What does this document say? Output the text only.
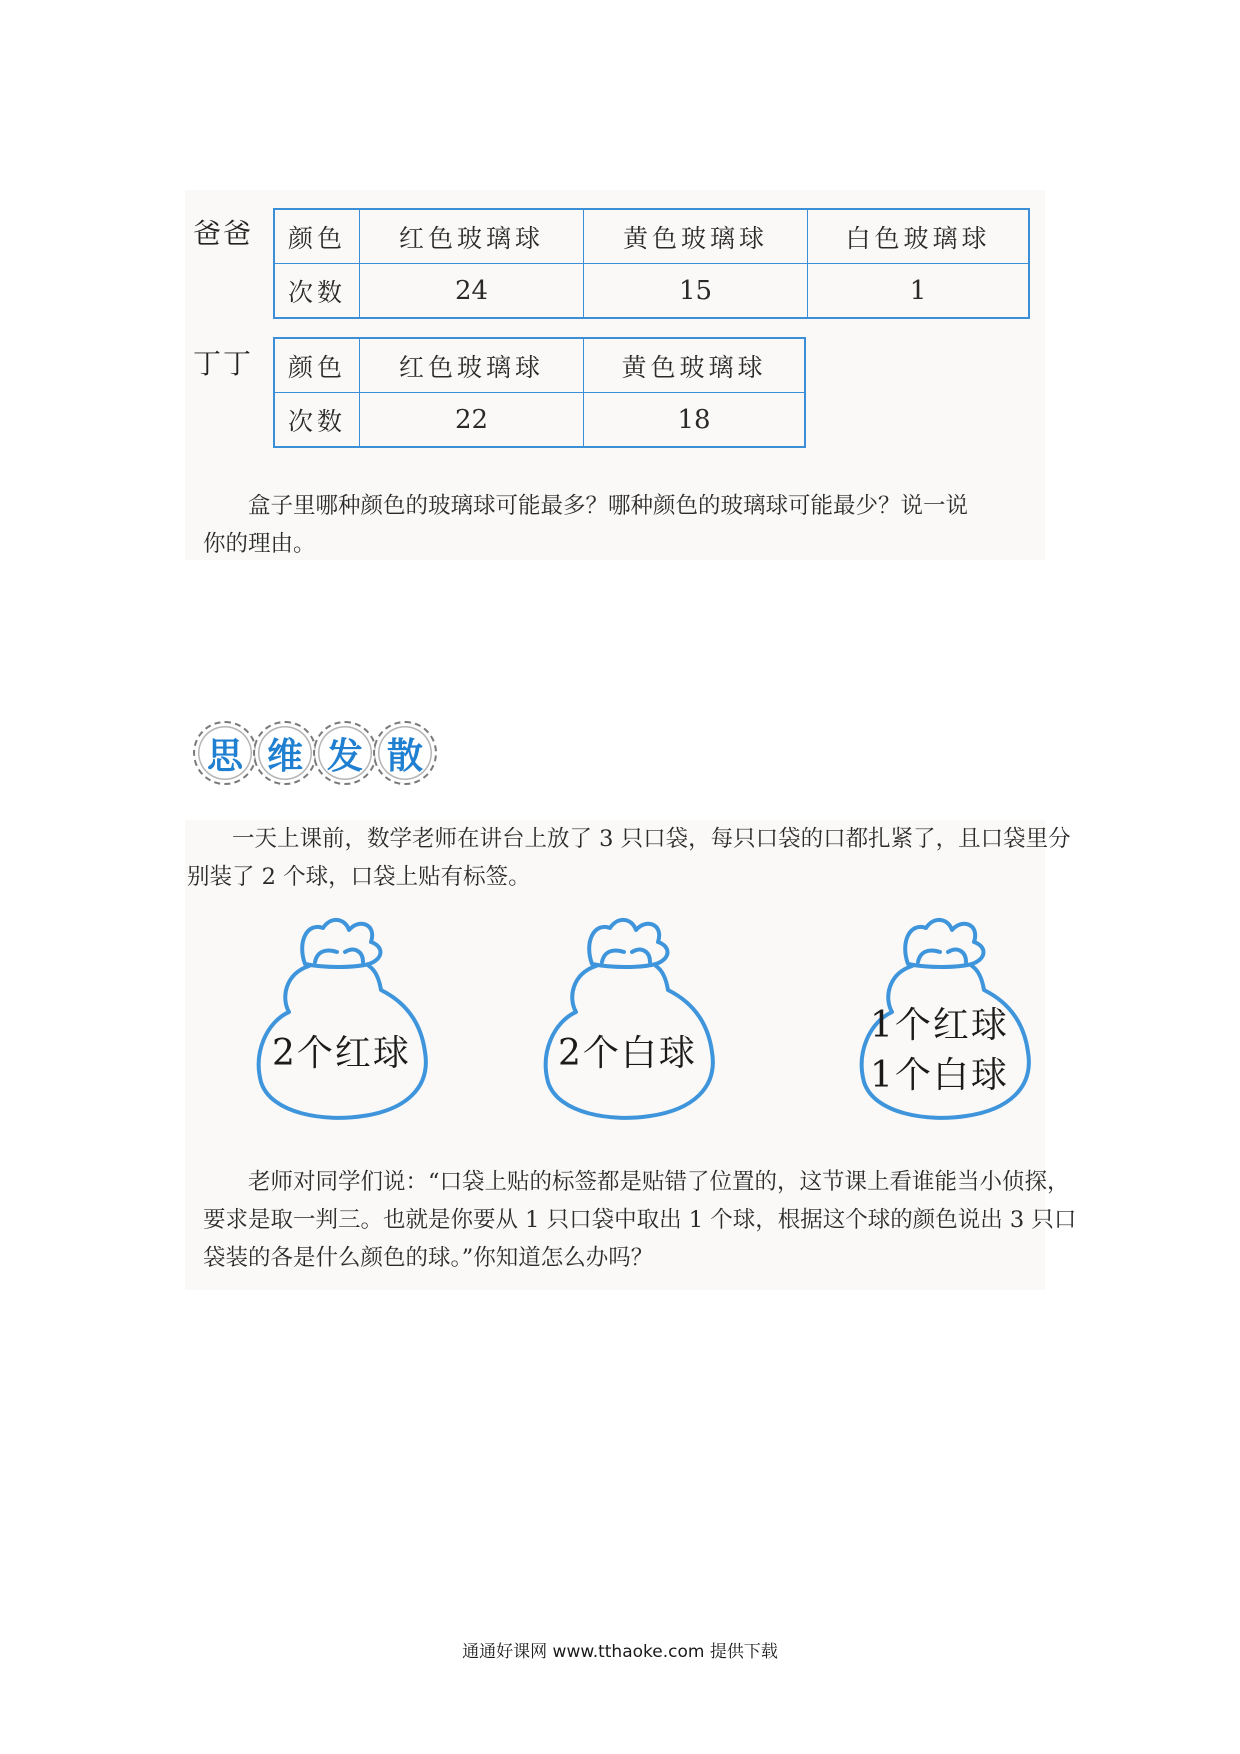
爸爸 颜色	红色玻璃球	黄色玻璃球	白色玻璃球
次数	24	15	1
丁丁 颜色	红色玻璃球	黄色玻璃球
次数	22	18
盒子里哪种颜色的玻璃球可能最多？哪种颜色的玻璃球可能最少？说一说
你的理由。
思 维 发 散
一天上课前，数学老师在讲台上放了 3 只口袋，每只口袋的口都扎紧了，且口袋里分
别装了 2 个球，口袋上贴有标签。
2个红球	2个白球
1个红球
1个白球
老师对同学们说：“口袋上贴的标签都是贴错了位置的，这节课上看谁能当小侦探，
要求是取一判三。也就是你要从 1 只口袋中取出 1 个球，根据这个球的颜色说出 3 只口
袋装的各是什么颜色的球。”你知道怎么办吗？
通通好课网 www.tthaoke.com 提供下载
